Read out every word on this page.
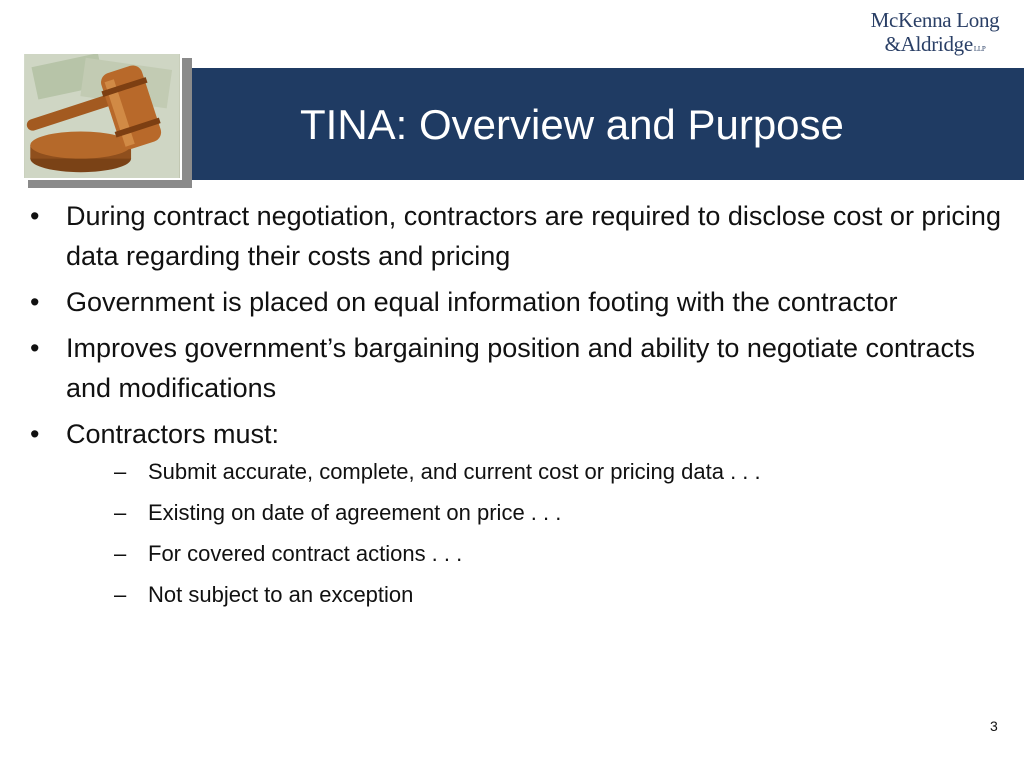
McKenna Long
&AldridgeLLP
TINA: Overview and Purpose
• During contract negotiation, contractors are required to disclose cost or pricing data regarding their costs and pricing
• Government is placed on equal information footing with the contractor
• Improves government’s bargaining position and ability to negotiate contracts and modifications
• Contractors must:
– Submit accurate, complete, and current cost or pricing data . . .
– Existing on date of agreement on price . . .
– For covered contract actions . . .
– Not subject to an exception
3
